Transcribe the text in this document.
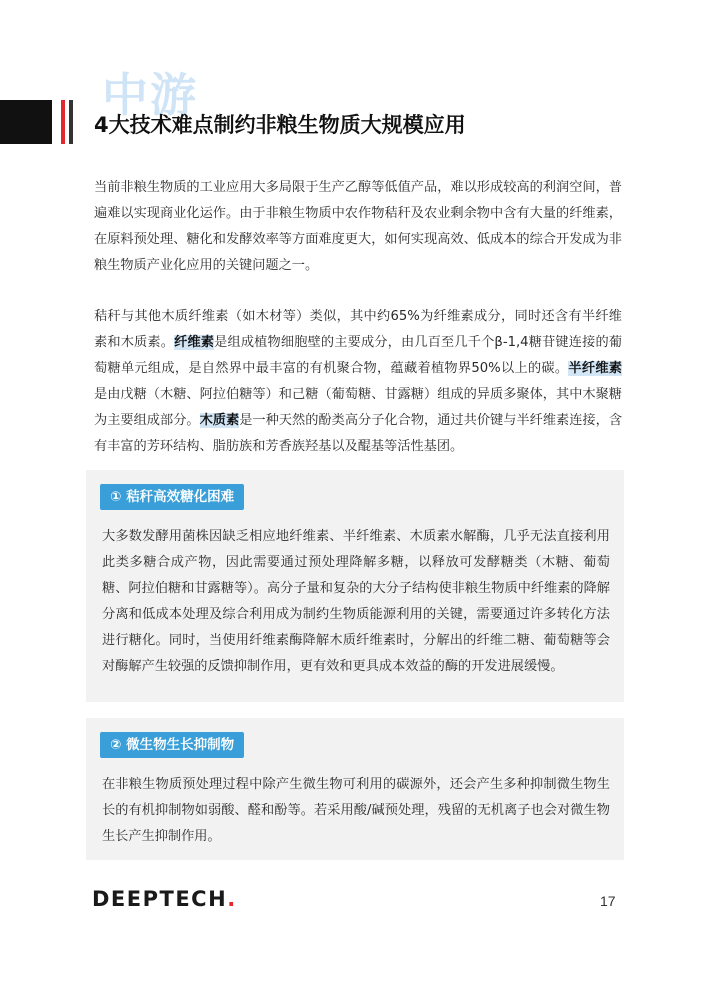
中游
4大技术难点制约非粮生物质大规模应用

当前非粮生物质的工业应用大多局限于生产乙醇等低值产品，难以形成较高的利润空间，普遍难以实现商业化运作。由于非粮生物质中农作物秸秆及农业剩余物中含有大量的纤维素，在原料预处理、糖化和发酵效率等方面难度更大，如何实现高效、低成本的综合开发成为非粮生物质产业化应用的关键问题之一。

秸秆与其他木质纤维素（如木材等）类似，其中约65%为纤维素成分，同时还含有半纤维素和木质素。纤维素是组成植物细胞壁的主要成分，由几百至几千个β-1,4糖苷键连接的葡萄糖单元组成，是自然界中最丰富的有机聚合物，蕴藏着植物界50%以上的碳。半纤维素是由戊糖（木糖、阿拉伯糖等）和己糖（葡萄糖、甘露糖）组成的异质多聚体，其中木聚糖为主要组成部分。木质素是一种天然的酚类高分子化合物，通过共价键与半纤维素连接，含有丰富的芳环结构、脂肪族和芳香族羟基以及醌基等活性基团。

① 秸秆高效糖化困难

大多数发酵用菌株因缺乏相应地纤维素、半纤维素、木质素水解酶，几乎无法直接利用此类多糖合成产物，因此需要通过预处理降解多糖，以释放可发酵糖类（木糖、葡萄糖、阿拉伯糖和甘露糖等）。高分子量和复杂的大分子结构使非粮生物质中纤维素的降解分离和低成本处理及综合利用成为制约生物质能源利用的关键，需要通过许多转化方法进行糖化。同时，当使用纤维素酶降解木质纤维素时，分解出的纤维二糖、葡萄糖等会对酶解产生较强的反馈抑制作用，更有效和更具成本效益的酶的开发进展缓慢。

② 微生物生长抑制物

在非粮生物质预处理过程中除产生微生物可利用的碳源外，还会产生多种抑制微生物生长的有机抑制物如弱酸、醛和酚等。若采用酸/碱预处理，残留的无机离子也会对微生物生长产生抑制作用。

DEEPTECH.	17
